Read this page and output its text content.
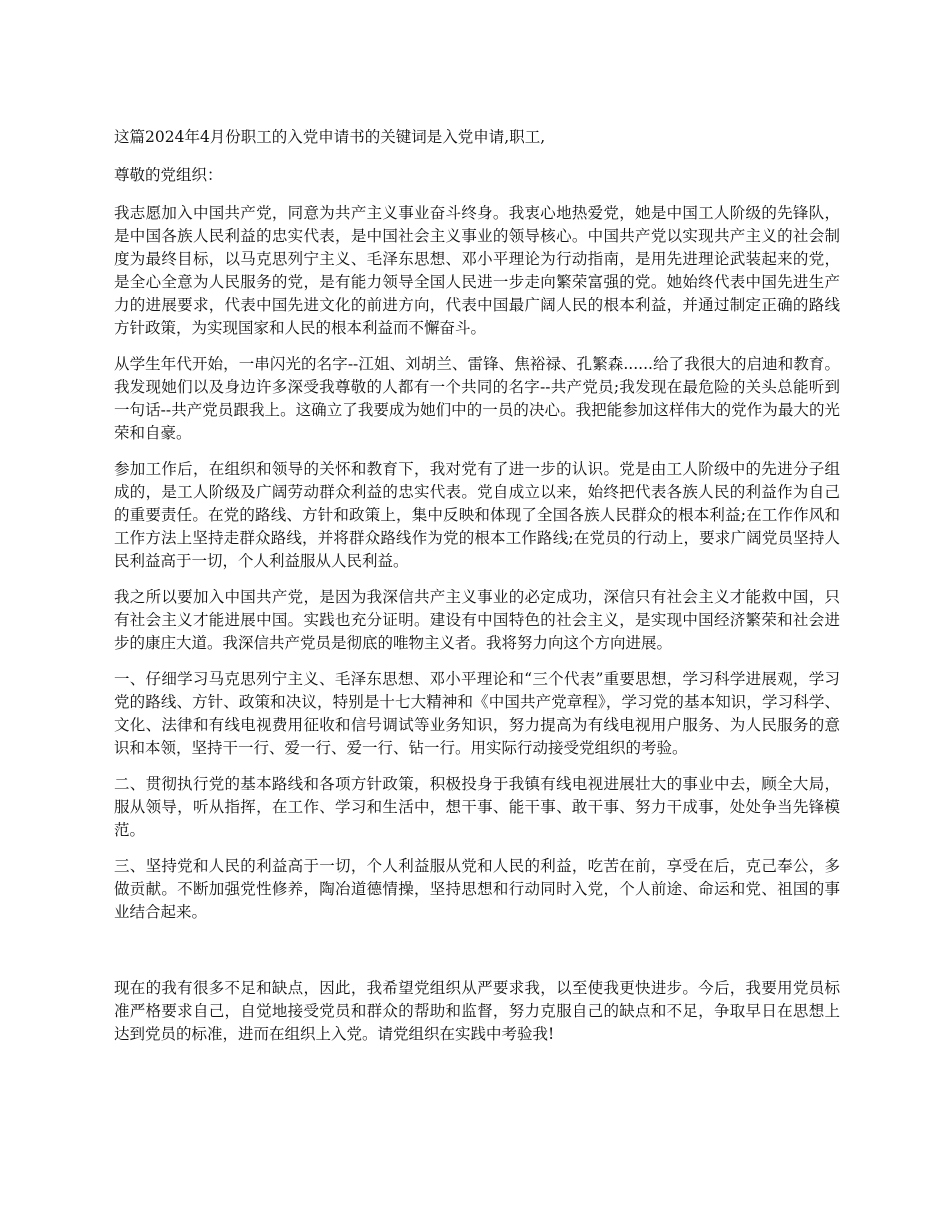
这篇2024年4月份职工的入党申请书的关键词是入党申请,职工,

尊敬的党组织：

我志愿加入中国共产党，同意为共产主义事业奋斗终身。我衷心地热爱党，她是中国工人阶级的先锋队，是中国各族人民利益的忠实代表，是中国社会主义事业的领导核心。中国共产党以实现共产主义的社会制度为最终目标，以马克思列宁主义、毛泽东思想、邓小平理论为行动指南，是用先进理论武装起来的党，是全心全意为人民服务的党，是有能力领导全国人民进一步走向繁荣富强的党。她始终代表中国先进生产力的进展要求，代表中国先进文化的前进方向，代表中国最广阔人民的根本利益，并通过制定正确的路线方针政策，为实现国家和人民的根本利益而不懈奋斗。

从学生年代开始，一串闪光的名字--江姐、刘胡兰、雷锋、焦裕禄、孔繁森......给了我很大的启迪和教育。我发现她们以及身边许多深受我尊敬的人都有一个共同的名字--共产党员;我发现在最危险的关头总能听到一句话--共产党员跟我上。这确立了我要成为她们中的一员的决心。我把能参加这样伟大的党作为最大的光荣和自豪。

参加工作后，在组织和领导的关怀和教育下，我对党有了进一步的认识。党是由工人阶级中的先进分子组成的，是工人阶级及广阔劳动群众利益的忠实代表。党自成立以来，始终把代表各族人民的利益作为自己的重要责任。在党的路线、方针和政策上，集中反映和体现了全国各族人民群众的根本利益;在工作作风和工作方法上坚持走群众路线，并将群众路线作为党的根本工作路线;在党员的行动上，要求广阔党员坚持人民利益高于一切，个人利益服从人民利益。

我之所以要加入中国共产党，是因为我深信共产主义事业的必定成功，深信只有社会主义才能救中国，只有社会主义才能进展中国。实践也充分证明。建设有中国特色的社会主义，是实现中国经济繁荣和社会进步的康庄大道。我深信共产党员是彻底的唯物主义者。我将努力向这个方向进展。

一、仔细学习马克思列宁主义、毛泽东思想、邓小平理论和“三个代表”重要思想，学习科学进展观，学习党的路线、方针、政策和决议，特别是十七大精神和《中国共产党章程》，学习党的基本知识，学习科学、文化、法律和有线电视费用征收和信号调试等业务知识，努力提高为有线电视用户服务、为人民服务的意识和本领，坚持干一行、爱一行、爱一行、钻一行。用实际行动接受党组织的考验。

二、贯彻执行党的基本路线和各项方针政策，积极投身于我镇有线电视进展壮大的事业中去，顾全大局，服从领导，听从指挥，在工作、学习和生活中，想干事、能干事、敢干事、努力干成事，处处争当先锋模范。

三、坚持党和人民的利益高于一切，个人利益服从党和人民的利益，吃苦在前，享受在后，克己奉公，多做贡献。不断加强党性修养，陶冶道德情操，坚持思想和行动同时入党，个人前途、命运和党、祖国的事业结合起来。

现在的我有很多不足和缺点，因此，我希望党组织从严要求我，以至使我更快进步。今后，我要用党员标准严格要求自己，自觉地接受党员和群众的帮助和监督，努力克服自己的缺点和不足，争取早日在思想上达到党员的标准，进而在组织上入党。请党组织在实践中考验我!
